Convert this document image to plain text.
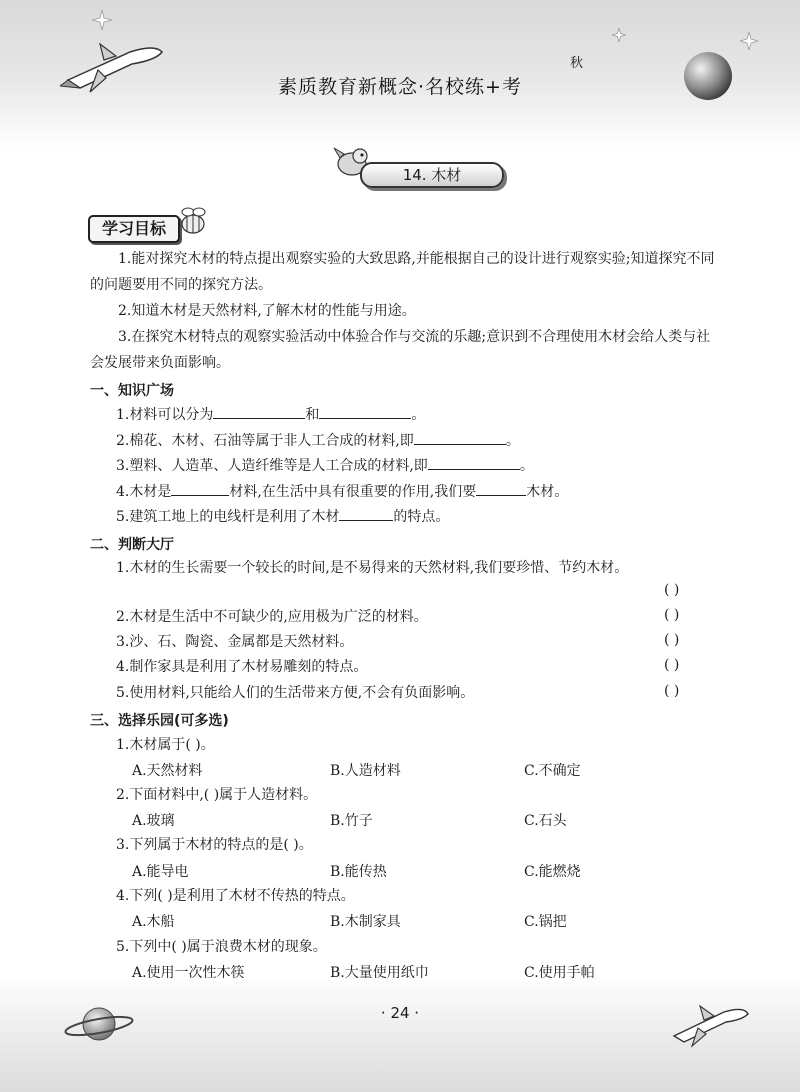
秋
素质教育新概念·名校练+考
14. 木材
学习目标
1.能对探究木材的特点提出观察实验的大致思路,并能根据自己的设计进行观察实验;知道探究不同的问题要用不同的探究方法。
2.知道木材是天然材料,了解木材的性能与用途。
3.在探究木材特点的观察实验活动中体验合作与交流的乐趣;意识到不合理使用木材会给人类与社会发展带来负面影响。
一、知识广场
1.材料可以分为	和	。
2.棉花、木材、石油等属于非人工合成的材料,即	。
3.塑料、人造革、人造纤维等是人工合成的材料,即	。
4.木材是	材料,在生活中具有很重要的作用,我们要	木材。
5.建筑工地上的电线杆是利用了木材	的特点。
二、判断大厅
1.木材的生长需要一个较长的时间,是不易得来的天然材料,我们要珍惜、节约木材。
( )
2.木材是生活中不可缺少的,应用极为广泛的材料。	( )
3.沙、石、陶瓷、金属都是天然材料。	( )
4.制作家具是利用了木材易雕刻的特点。	( )
5.使用材料,只能给人们的生活带来方便,不会有负面影响。	( )
三、选择乐园(可多选)
1.木材属于( )。
A.天然材料	B.人造材料	C.不确定
2.下面材料中,( )属于人造材料。
A.玻璃	B.竹子	C.石头
3.下列属于木材的特点的是( )。
A.能导电	B.能传热	C.能燃烧
4.下列( )是利用了木材不传热的特点。
A.木船	B.木制家具	C.锅把
5.下列中( )属于浪费木材的现象。
A.使用一次性木筷	B.大量使用纸巾	C.使用手帕
· 24 ·
